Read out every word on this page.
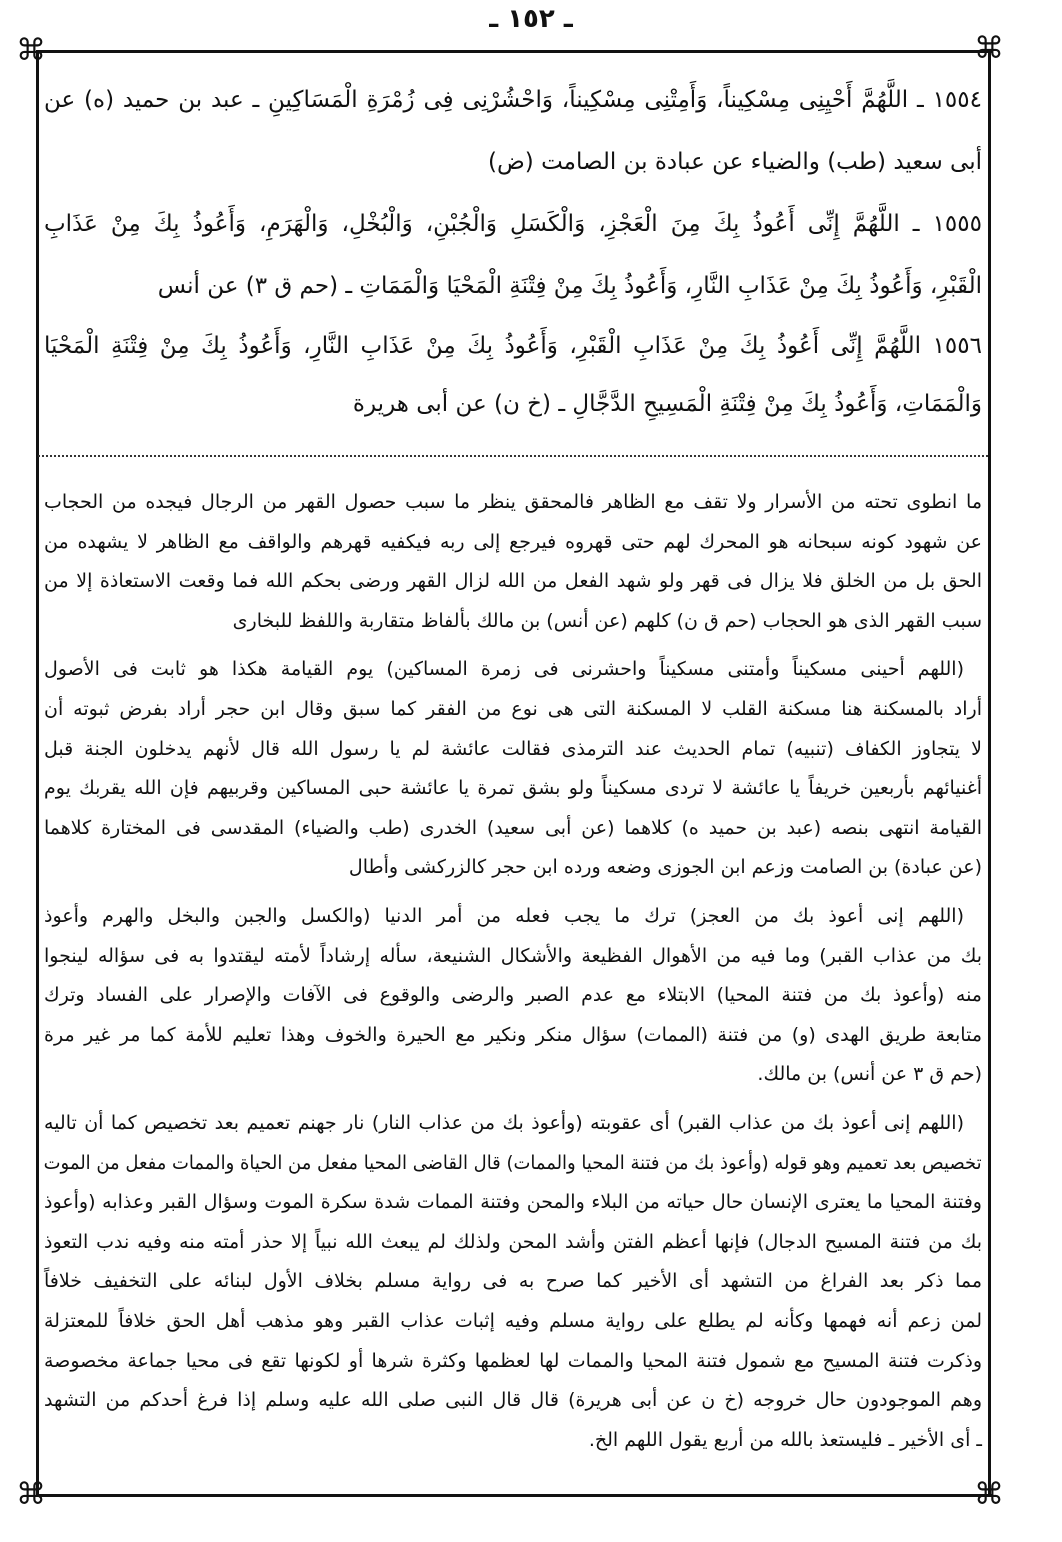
ـ ١٥٢ ـ
⌘	⌘
⌘	⌘
١٥٥٤ ـ اللَّهُمَّ أَحْيِنِى مِسْكِيناً، وَأَمِتْنِى مِسْكِيناً، وَاحْشُرْنِى فِى زُمْرَةِ الْمَسَاكِينِ ـ عبد بن حميد (ه) عن
أبى سعيد (طب) والضياء عن عبادة بن الصامت (ض)
١٥٥٥ ـ اللَّهُمَّ إِنِّى أَعُوذُ بِكَ مِنَ الْعَجْزِ، وَالْكَسَلِ وَالْجُبْنِ، وَالْبُخْلِ، وَالْهَرَمِ، وَأَعُوذُ بِكَ مِنْ عَذَابِ
الْقَبْرِ، وَأَعُوذُ بِكَ مِنْ عَذَابِ النَّارِ، وَأَعُوذُ بِكَ مِنْ فِتْنَةِ الْمَحْيَا وَالْمَمَاتِ ـ (حم ق ٣) عن أنس
١٥٥٦ اللَّهُمَّ إِنِّى أَعُوذُ بِكَ مِنْ عَذَابِ الْقَبْرِ، وَأَعُوذُ بِكَ مِنْ عَذَابِ النَّارِ، وَأَعُوذُ بِكَ مِنْ فِتْنَةِ الْمَحْيَا
وَالْمَمَاتِ، وَأَعُوذُ بِكَ مِنْ فِتْنَةِ الْمَسِيحِ الدَّجَّالِ ـ (خ ن) عن أبى هريرة
ما انطوى تحته من الأسرار ولا تقف مع الظاهر فالمحقق ينظر ما سبب حصول القهر من الرجال فيجده من الحجاب
عن شهود كونه سبحانه هو المحرك لهم حتى قهروه فيرجع إلى ربه فيكفيه قهرهم والواقف مع الظاهر لا يشهده من
الحق بل من الخلق فلا يزال فى قهر ولو شهد الفعل من الله لزال القهر ورضى بحكم الله فما وقعت الاستعاذة إلا من
سبب القهر الذى هو الحجاب (حم ق ن) كلهم (عن أنس) بن مالك بألفاظ متقاربة واللفظ للبخارى
(اللهم أحينى مسكيناً وأمتنى مسكيناً واحشرنى فى زمرة المساكين) يوم القيامة هكذا هو ثابت فى الأصول
أراد بالمسكنة هنا مسكنة القلب لا المسكنة التى هى نوع من الفقر كما سبق وقال ابن حجر أراد بفرض ثبوته أن
لا يتجاوز الكفاف (تنبيه) تمام الحديث عند الترمذى فقالت عائشة لم يا رسول الله قال لأنهم يدخلون الجنة قبل
أغنيائهم بأربعين خريفاً يا عائشة لا تردى مسكيناً ولو بشق تمرة يا عائشة حبى المساكين وقربيهم فإن الله يقربك يوم
القيامة انتهى بنصه (عبد بن حميد ه) كلاهما (عن أبى سعيد) الخدرى (طب والضياء) المقدسى فى المختارة كلاهما
(عن عبادة) بن الصامت وزعم ابن الجوزى وضعه ورده ابن حجر كالزركشى وأطال
(اللهم إنى أعوذ بك من العجز) ترك ما يجب فعله من أمر الدنيا (والكسل والجبن والبخل والهرم وأعوذ
بك من عذاب القبر) وما فيه من الأهوال الفظيعة والأشكال الشنيعة، سأله إرشاداً لأمته ليقتدوا به فى سؤاله لينجوا
منه (وأعوذ بك من فتنة المحيا) الابتلاء مع عدم الصبر والرضى والوقوع فى الآفات والإصرار على الفساد وترك
متابعة طريق الهدى (و) من فتنة (الممات) سؤال منكر ونكير مع الحيرة والخوف وهذا تعليم للأمة كما مر غير مرة
(حم ق ٣ عن أنس) بن مالك.
(اللهم إنى أعوذ بك من عذاب القبر) أى عقوبته (وأعوذ بك من عذاب النار) نار جهنم تعميم بعد تخصيص كما أن تاليه
تخصيص بعد تعميم وهو قوله (وأعوذ بك من فتنة المحيا والممات) قال القاضى المحيا مفعل من الحياة والممات مفعل من الموت
وفتنة المحيا ما يعترى الإنسان حال حياته من البلاء والمحن وفتنة الممات شدة سكرة الموت وسؤال القبر وعذابه (وأعوذ
بك من فتنة المسيح الدجال) فإنها أعظم الفتن وأشد المحن ولذلك لم يبعث الله نبياً إلا حذر أمته منه وفيه ندب التعوذ
مما ذكر بعد الفراغ من التشهد أى الأخير كما صرح به فى رواية مسلم بخلاف الأول لبنائه على التخفيف خلافاً
لمن زعم أنه فهمها وكأنه لم يطلع على رواية مسلم وفيه إثبات عذاب القبر وهو مذهب أهل الحق خلافاً للمعتزلة
وذكرت فتنة المسيح مع شمول فتنة المحيا والممات لها لعظمها وكثرة شرها أو لكونها تقع فى محيا جماعة مخصوصة
وهم الموجودون حال خروجه (خ ن عن أبى هريرة) قال قال النبى صلى الله عليه وسلم إذا فرغ أحدكم من التشهد
ـ أى الأخير ـ فليستعذ بالله من أربع يقول اللهم الخ.
